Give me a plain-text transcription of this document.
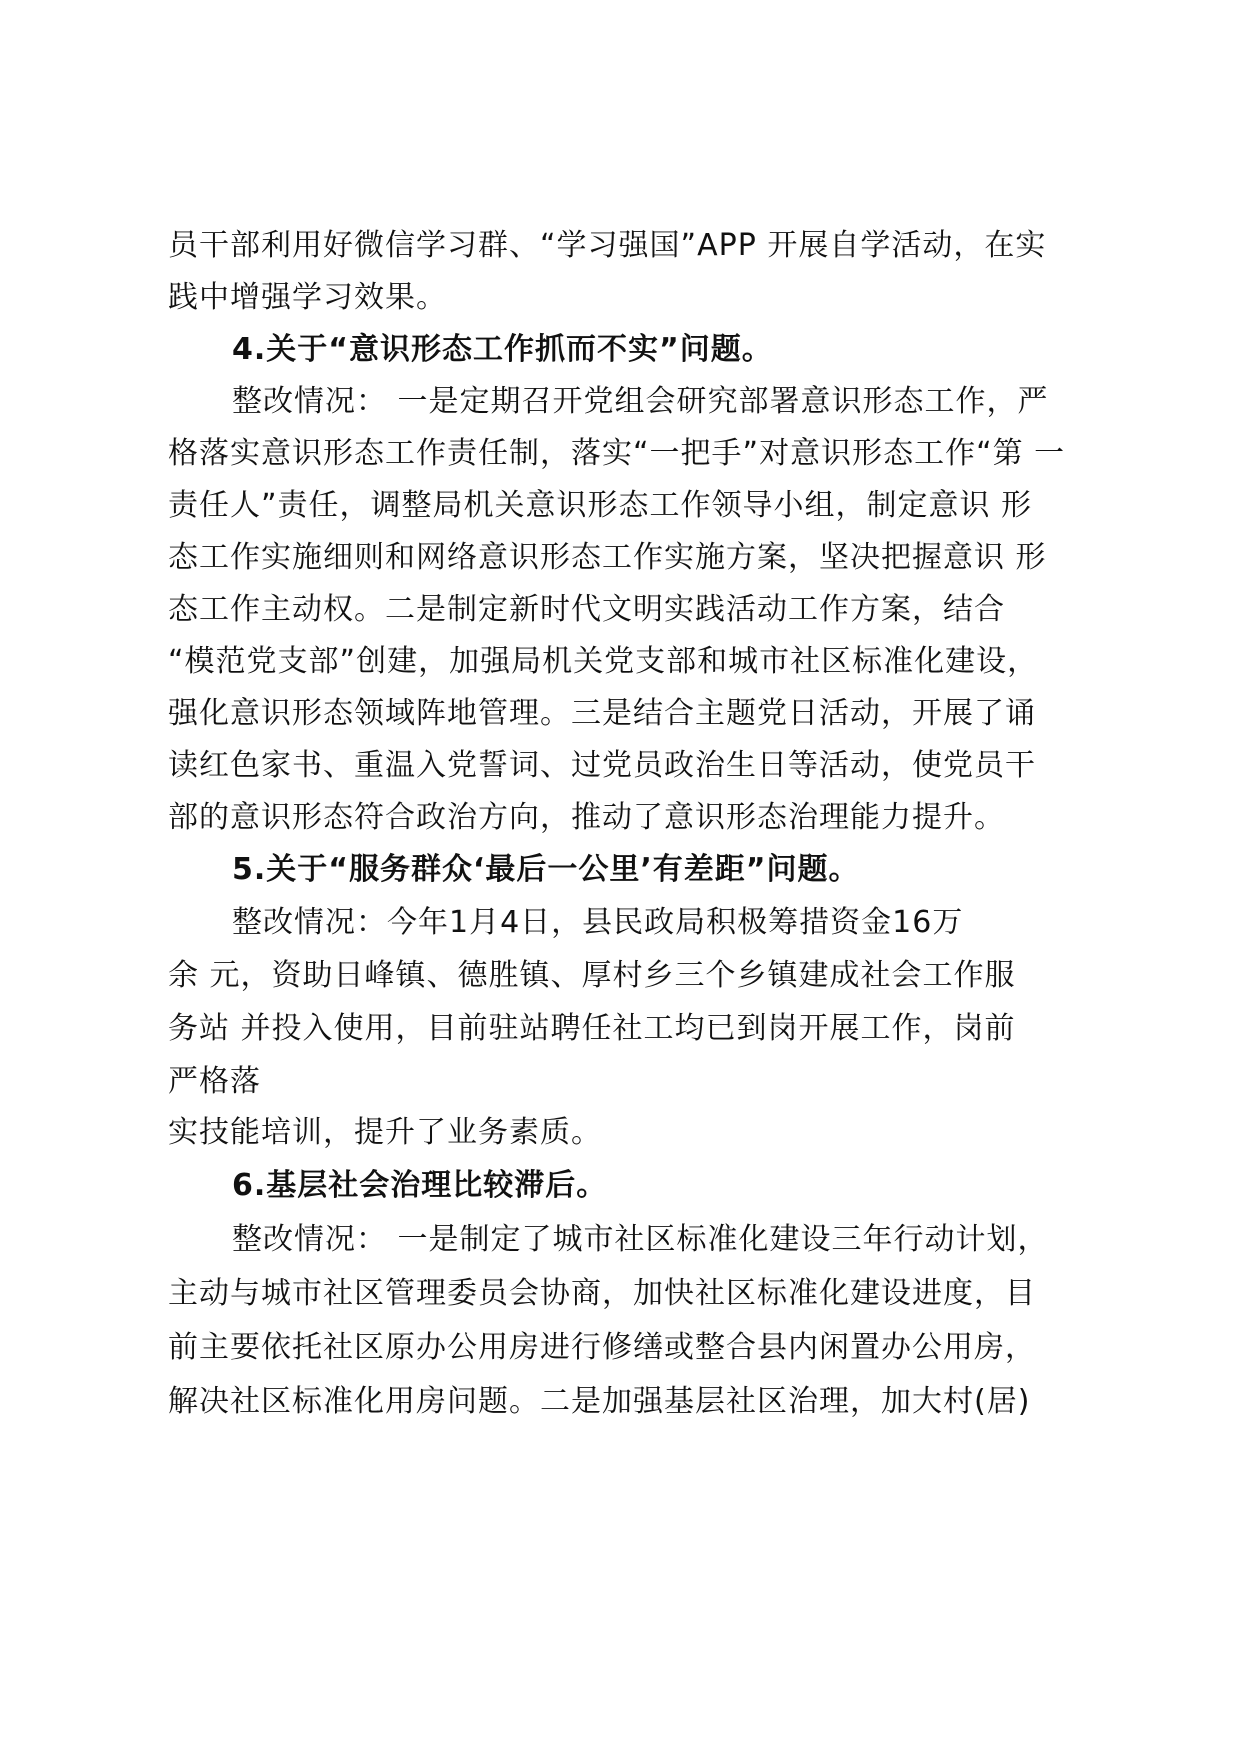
员干部利用好微信学习群、“学习强国”APP 开展自学活动，在实
践中增强学习效果。
4.关于“意识形态工作抓而不实”问题。
整改情况： 一是定期召开党组会研究部署意识形态工作，严
格落实意识形态工作责任制，落实“一把手”对意识形态工作“第 一
责任人”责任，调整局机关意识形态工作领导小组，制定意识 形
态工作实施细则和网络意识形态工作实施方案，坚决把握意识 形
态工作主动权。二是制定新时代文明实践活动工作方案，结合
“模范党支部”创建，加强局机关党支部和城市社区标准化建设，
强化意识形态领域阵地管理。三是结合主题党日活动，开展了诵
读红色家书、重温入党誓词、过党员政治生日等活动，使党员干
部的意识形态符合政治方向，推动了意识形态治理能力提升。
5.关于“服务群众‘最后一公里’有差距”问题。
整改情况：今年1月4日，县民政局积极筹措资金16万
余 元，资助日峰镇、德胜镇、厚村乡三个乡镇建成社会工作服
务站 并投入使用，目前驻站聘任社工均已到岗开展工作，岗前
严格落
实技能培训，提升了业务素质。
6.基层社会治理比较滞后。
整改情况： 一是制定了城市社区标准化建设三年行动计划，
主动与城市社区管理委员会协商，加快社区标准化建设进度，目
前主要依托社区原办公用房进行修缮或整合县内闲置办公用房，
解决社区标准化用房问题。二是加强基层社区治理，加大村(居)
